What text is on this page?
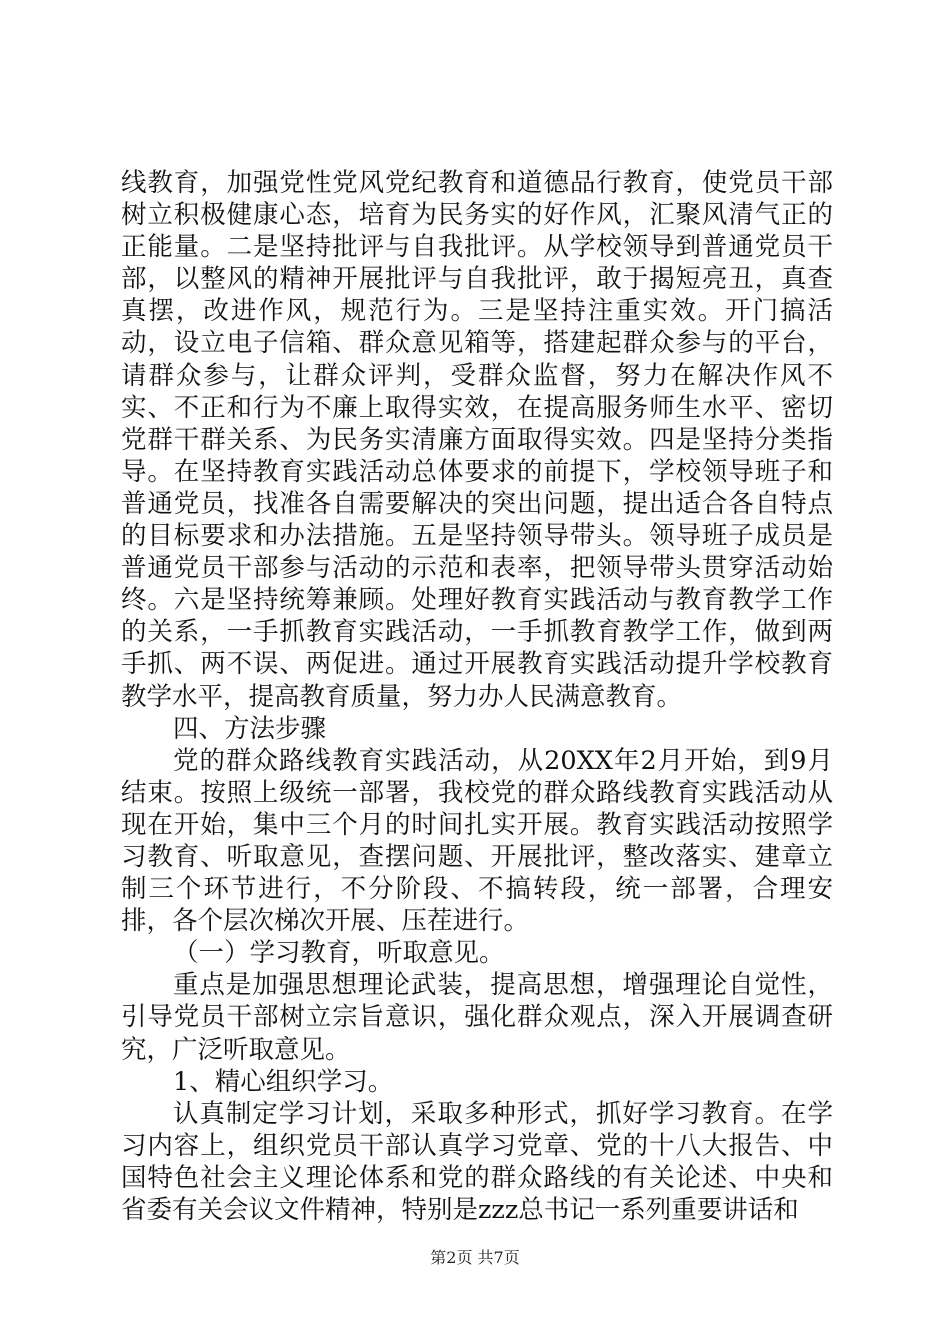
线教育，加强党性党风党纪教育和道德品行教育，使党员干部树立积极健康心态，培育为民务实的好作风，汇聚风清气正的正能量。二是坚持批评与自我批评。从学校领导到普通党员干部，以整风的精神开展批评与自我批评，敢于揭短亮丑，真查真摆，改进作风，规范行为。三是坚持注重实效。开门搞活动，设立电子信箱、群众意见箱等，搭建起群众参与的平台，请群众参与，让群众评判，受群众监督，努力在解决作风不实、不正和行为不廉上取得实效，在提高服务师生水平、密切党群干群关系、为民务实清廉方面取得实效。四是坚持分类指导。在坚持教育实践活动总体要求的前提下，学校领导班子和普通党员，找准各自需要解决的突出问题，提出适合各自特点的目标要求和办法措施。五是坚持领导带头。领导班子成员是普通党员干部参与活动的示范和表率，把领导带头贯穿活动始终。六是坚持统筹兼顾。处理好教育实践活动与教育教学工作的关系，一手抓教育实践活动，一手抓教育教学工作，做到两手抓、两不误、两促进。通过开展教育实践活动提升学校教育教学水平，提高教育质量，努力办人民满意教育。

四、方法步骤

党的群众路线教育实践活动，从20XX年2月开始，到9月结束。按照上级统一部署，我校党的群众路线教育实践活动从现在开始，集中三个月的时间扎实开展。教育实践活动按照学习教育、听取意见，查摆问题、开展批评，整改落实、建章立制三个环节进行，不分阶段、不搞转段，统一部署，合理安排，各个层次梯次开展、压茬进行。

（一）学习教育，听取意见。

重点是加强思想理论武装，提高思想，增强理论自觉性，引导党员干部树立宗旨意识，强化群众观点，深入开展调查研究，广泛听取意见。

1、精心组织学习。

认真制定学习计划，采取多种形式，抓好学习教育。在学习内容上，组织党员干部认真学习党章、党的十八大报告、中国特色社会主义理论体系和党的群众路线的有关论述、中央和省委有关会议文件精神，特别是zzz总书记一系列重要讲话和

第2页 共7页
